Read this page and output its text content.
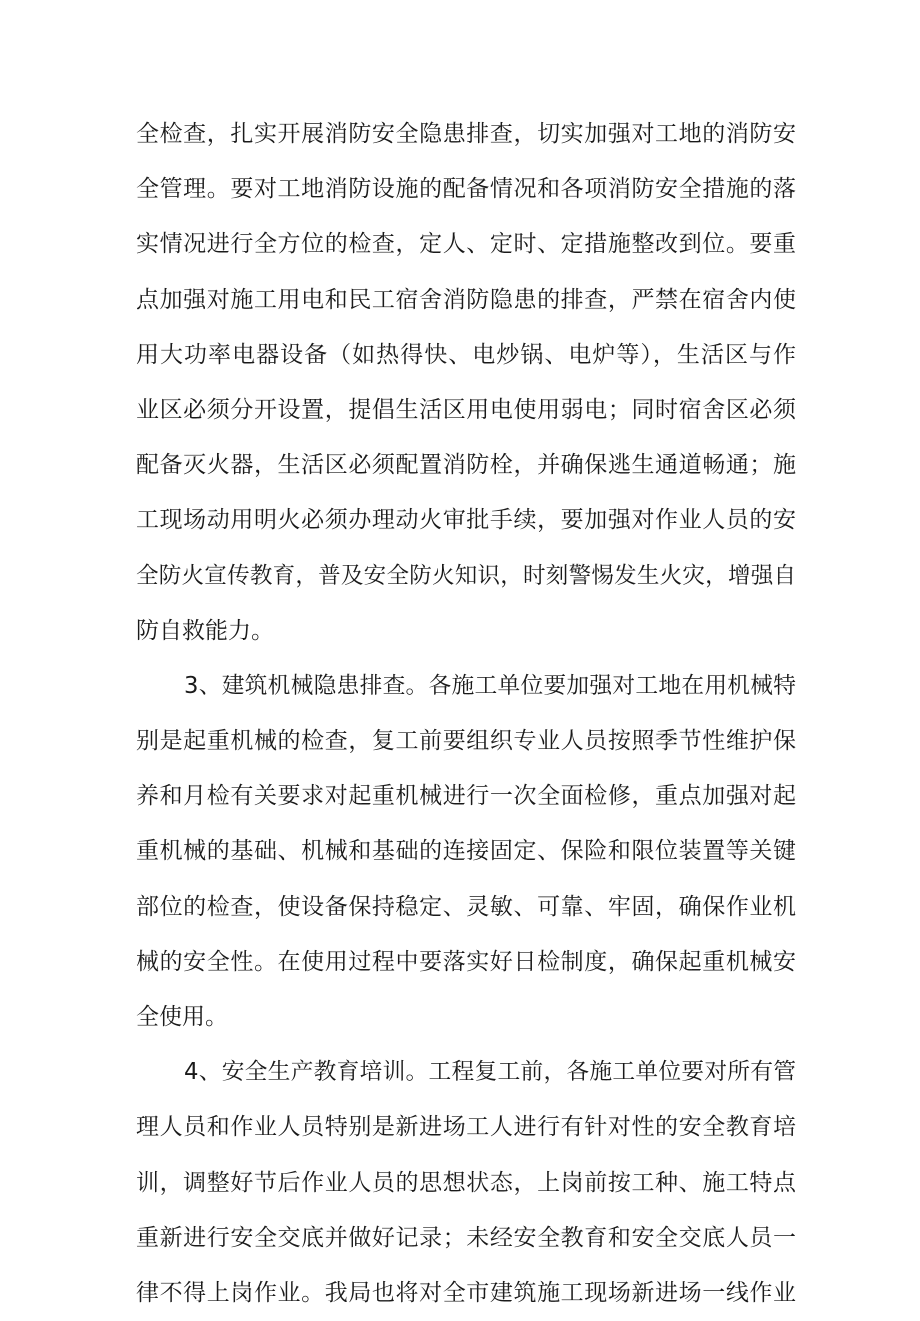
全检查，扎实开展消防安全隐患排查，切实加强对工地的消防安
全管理。要对工地消防设施的配备情况和各项消防安全措施的落
实情况进行全方位的检查，定人、定时、定措施整改到位。要重
点加强对施工用电和民工宿舍消防隐患的排查，严禁在宿舍内使
用大功率电器设备（如热得快、电炒锅、电炉等），生活区与作
业区必须分开设置，提倡生活区用电使用弱电；同时宿舍区必须
配备灭火器，生活区必须配置消防栓，并确保逃生通道畅通；施
工现场动用明火必须办理动火审批手续，要加强对作业人员的安
全防火宣传教育，普及安全防火知识，时刻警惕发生火灾，增强自
防自救能力。
3、建筑机械隐患排查。各施工单位要加强对工地在用机械特
别是起重机械的检查，复工前要组织专业人员按照季节性维护保
养和月检有关要求对起重机械进行一次全面检修，重点加强对起
重机械的基础、机械和基础的连接固定、保险和限位装置等关键
部位的检查，使设备保持稳定、灵敏、可靠、牢固，确保作业机
械的安全性。在使用过程中要落实好日检制度，确保起重机械安
全使用。
4、安全生产教育培训。工程复工前，各施工单位要对所有管
理人员和作业人员特别是新进场工人进行有针对性的安全教育培
训，调整好节后作业人员的思想状态，上岗前按工种、施工特点
重新进行安全交底并做好记录；未经安全教育和安全交底人员一
律不得上岗作业。我局也将对全市建筑施工现场新进场一线作业
